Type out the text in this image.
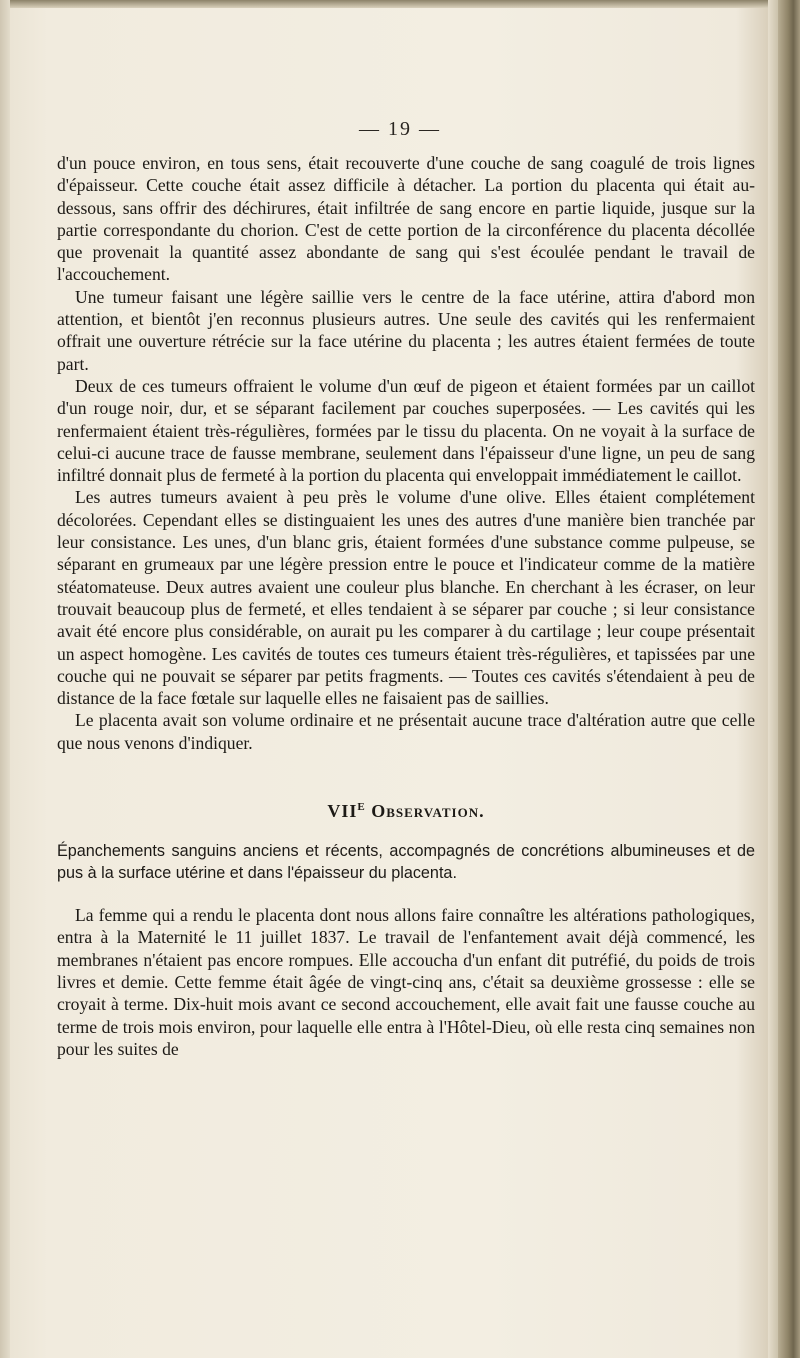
— 19 —

d'un pouce environ, en tous sens, était recouverte d'une couche de sang coagulé de trois lignes d'épaisseur. Cette couche était assez difficile à détacher. La portion du placenta qui était au-dessous, sans offrir des déchirures, était infiltrée de sang encore en partie liquide, jusque sur la partie correspondante du chorion. C'est de cette portion de la circonférence du placenta décollée que provenait la quantité assez abondante de sang qui s'est écoulée pendant le travail de l'accouchement.

Une tumeur faisant une légère saillie vers le centre de la face utérine, attira d'abord mon attention, et bientôt j'en reconnus plusieurs autres. Une seule des cavités qui les renfermaient offrait une ouverture rétrécie sur la face utérine du placenta ; les autres étaient fermées de toute part.

Deux de ces tumeurs offraient le volume d'un œuf de pigeon et étaient formées par un caillot d'un rouge noir, dur, et se séparant facilement par couches superposées. — Les cavités qui les renfermaient étaient très-régulières, formées par le tissu du placenta. On ne voyait à la surface de celui-ci aucune trace de fausse membrane, seulement dans l'épaisseur d'une ligne, un peu de sang infiltré donnait plus de fermeté à la portion du placenta qui enveloppait immédiatement le caillot.

Les autres tumeurs avaient à peu près le volume d'une olive. Elles étaient complétement décolorées. Cependant elles se distinguaient les unes des autres d'une manière bien tranchée par leur consistance. Les unes, d'un blanc gris, étaient formées d'une substance comme pulpeuse, se séparant en grumeaux par une légère pression entre le pouce et l'indicateur comme de la matière stéatomateuse. Deux autres avaient une couleur plus blanche. En cherchant à les écraser, on leur trouvait beaucoup plus de fermeté, et elles tendaient à se séparer par couche ; si leur consistance avait été encore plus considérable, on aurait pu les comparer à du cartilage ; leur coupe présentait un aspect homogène. Les cavités de toutes ces tumeurs étaient très-régulières, et tapissées par une couche qui ne pouvait se séparer par petits fragments. — Toutes ces cavités s'étendaient à peu de distance de la face fœtale sur laquelle elles ne faisaient pas de saillies.

Le placenta avait son volume ordinaire et ne présentait aucune trace d'altération autre que celle que nous venons d'indiquer.

VIIe Observation.

Épanchements sanguins anciens et récents, accompagnés de concrétions albumineuses et de pus à la surface utérine et dans l'épaisseur du placenta.

La femme qui a rendu le placenta dont nous allons faire connaître les altérations pathologiques, entra à la Maternité le 11 juillet 1837. Le travail de l'enfantement avait déjà commencé, les membranes n'étaient pas encore rompues. Elle accoucha d'un enfant dit putréfié, du poids de trois livres et demie. Cette femme était âgée de vingt-cinq ans, c'était sa deuxième grossesse : elle se croyait à terme. Dix-huit mois avant ce second accouchement, elle avait fait une fausse couche au terme de trois mois environ, pour laquelle elle entra à l'Hôtel-Dieu, où elle resta cinq semaines non pour les suites de
